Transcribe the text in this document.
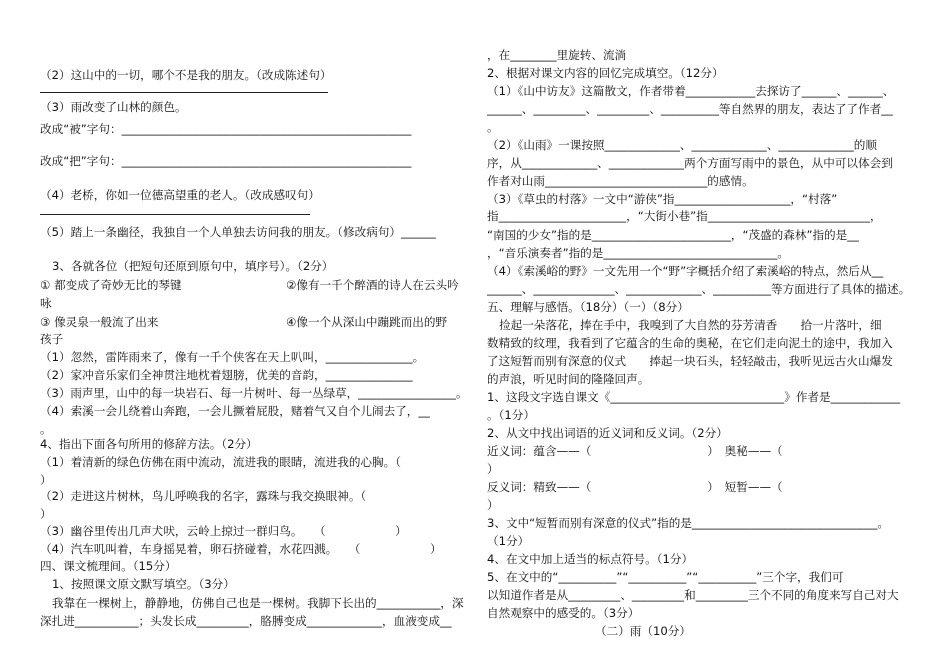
（2）这山中的一切，哪个不是我的朋友。（改成陈述句）
（3）雨改变了山林的颜色。
改成“被”字句：__________________________________________________
改成“把”字句：__________________________________________________
（4）老桥，你如一位德高望重的老人。（改成感叹句）
（5）踏上一条幽径，我独自一个人单独去访问我的朋友。（修改病句）______
3、各就各位（把短句还原到原句中，填序号）。（2分）
① 都变成了奇妙无比的琴键　　　　　　　　　②像有一千个醉酒的诗人在云头吟
咏
③ 像灵泉一般流了出来　　　　　　　　　　　④像一个从深山中蹦跳而出的野
孩子
（1）忽然，雷阵雨来了，像有一千个侠客在天上叭叫，_______________。
（2）家冲音乐家们全神贯注地枕着翅膀，优美的音韵，_______________
（3）雨声里，山中的每一块岩石、每一片树叶、每一丛绿草，_________________。
（4）索溪一会儿绕着山奔跑，一会儿撅着屁股，赌着气又自个儿闹去了，__
。
4、指出下面各句所用的修辞方法。（2分）
（1）着清新的绿色仿佛在雨中流动，流进我的眼睛，流进我的心胸。（
）
（2）走进这片树林，鸟儿呼唤我的名字，露珠与我交换眼神。（
）
（3）幽谷里传出几声犬吠，云岭上掠过一群归鸟。　　（　　　　　　）
（4）汽车叽叫着，车身摇晃着，卵石挤碰着，水花四溅。　　（　　　　　　）
四、课文梳理间。（15分）
1、按照课文原文默写填空。（3分）
我靠在一棵树上，静静地，仿佛自己也是一棵树。我脚下长出的___________，深
深扎进___________；头发长成_________，胳膊变成_____________，血液变成__
，在________里旋转、流淌
2、根据对课文内容的回忆完成填空。（12分）
（1）《山中访友》这篇散文，作者带着____________去探访了______、______、
______、_________、_________、__________等自然界的朋友，表达了了作者__
。
（2）《山雨》一课按照_____________、_____________、_____________的顺
序，从_____________、_____________两个方面写雨中的景色，从中可以体会到
作者对山雨____________________________的感情。
（3）《草虫的村落》一文中“游侠”指____________________，“村落”
指______________________，“大街小巷”指____________________________，
“南国的少女”指的是________________________，“茂盛的森林”指的是__
，“音乐演奏者”指的是______________________________。
（4）《索溪峪的野》一文先用一个“野”字概括介绍了索溪峪的特点，然后从__
______、______________、_____________、__________等方面进行了具体的描述。
五、理解与感悟。（18分）（一）（8分）
捡起一朵落花，捧在手中，我嗅到了大自然的芬芳清香　　拾一片落叶，细
数精致的纹理，我看到了它蕴含的生命的奥秘，在它们走向泥土的途中，我加入
了这短暂而别有深意的仪式　　捧起一块石头，轻轻敲击，我听见远古火山爆发
的声浪，听见时间的隆隆回声。
1、这段文字选自课文《______________________________》作者是____________
。（1分）
2、从文中找出词语的近义词和反义词。（2分）
近义词：蕴含——（　　　　　　　　　　）　奥秘——（
）
反义词：精致——（　　　　　　　　　　）　短暂——（
）
3、文中“短暂而别有深意的仪式”指的是________________________________。
（1分）
4、在文中加上适当的标点符号。（1分）
5、在文中的“__________”“__________”“__________”三个字，我们可
以知道作者是从_________、_________和_________三个不同的角度来写自己对大
自然观察中的感受的。（3分）
（二）雨（10分）
